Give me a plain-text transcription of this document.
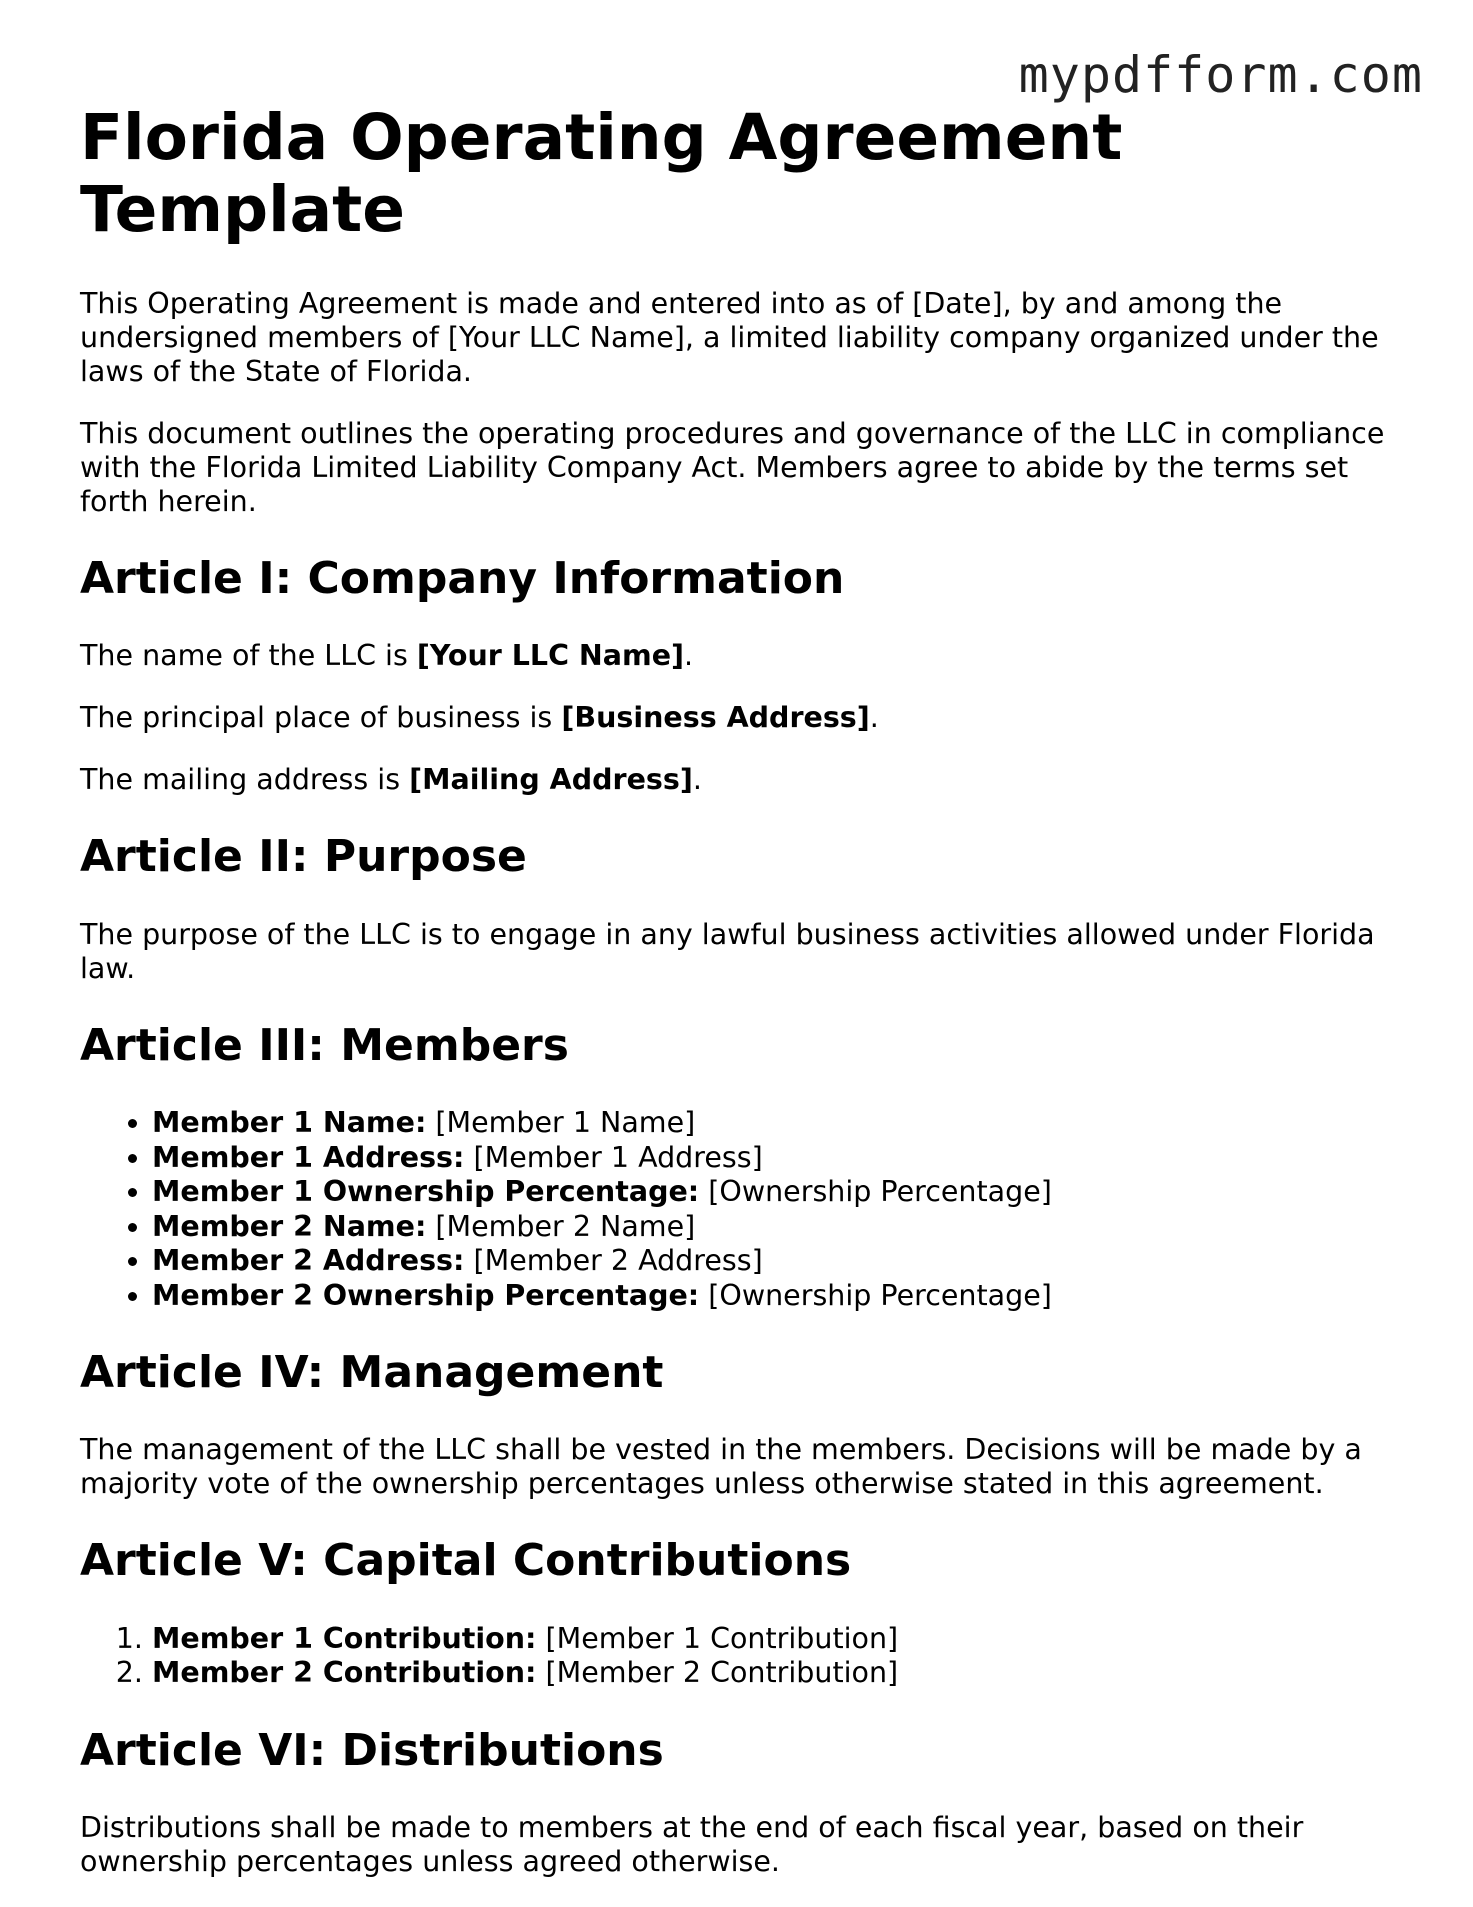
mypdfform.com
Florida Operating Agreement Template

This Operating Agreement is made and entered into as of [Date], by and among the undersigned members of [Your LLC Name], a limited liability company organized under the laws of the State of Florida.

This document outlines the operating procedures and governance of the LLC in compliance with the Florida Limited Liability Company Act. Members agree to abide by the terms set forth herein.

Article I: Company Information

The name of the LLC is [Your LLC Name].

The principal place of business is [Business Address].

The mailing address is [Mailing Address].

Article II: Purpose

The purpose of the LLC is to engage in any lawful business activities allowed under Florida law.

Article III: Members
• Member 1 Name: [Member 1 Name]
• Member 1 Address: [Member 1 Address]
• Member 1 Ownership Percentage: [Ownership Percentage]
• Member 2 Name: [Member 2 Name]
• Member 2 Address: [Member 2 Address]
• Member 2 Ownership Percentage: [Ownership Percentage]
Article IV: Management

The management of the LLC shall be vested in the members. Decisions will be made by a majority vote of the ownership percentages unless otherwise stated in this agreement.

Article V: Capital Contributions
1. Member 1 Contribution: [Member 1 Contribution]
2. Member 2 Contribution: [Member 2 Contribution]
Article VI: Distributions

Distributions shall be made to members at the end of each fiscal year, based on their ownership percentages unless agreed otherwise.
